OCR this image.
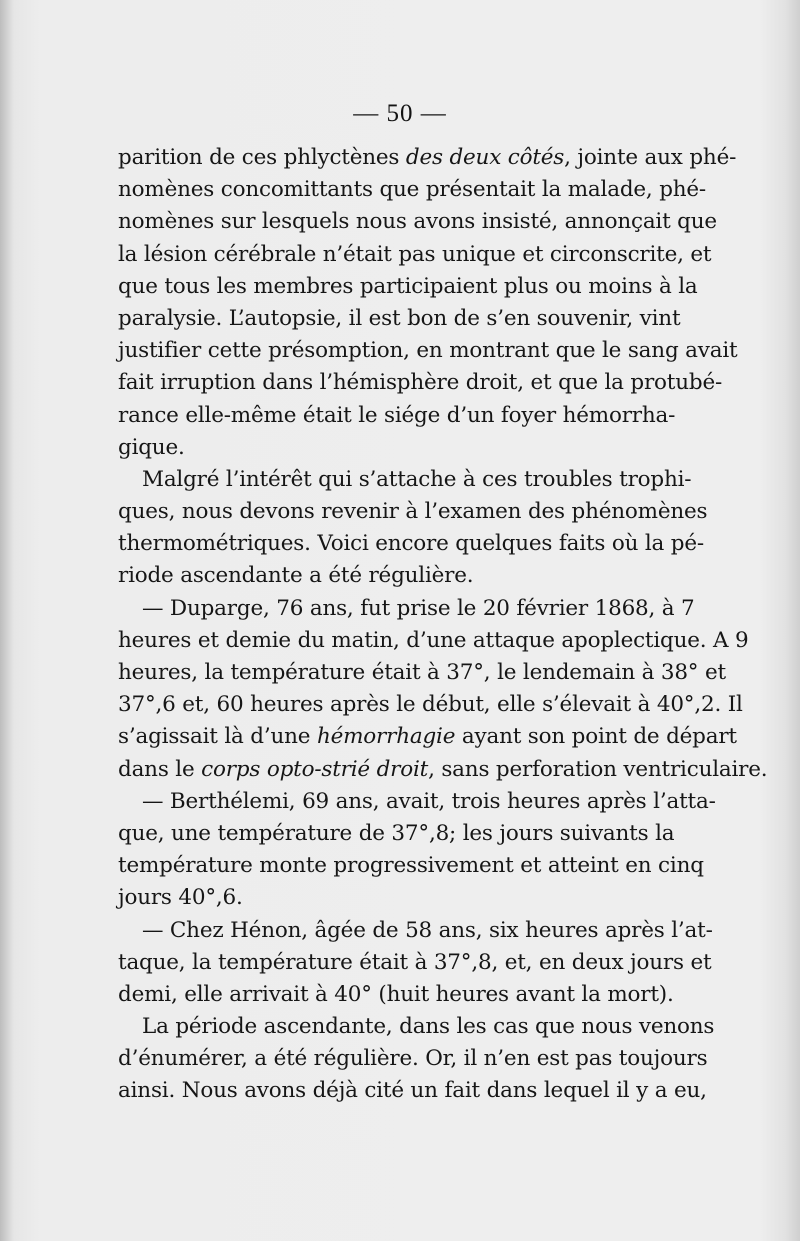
— 50 —
parition de ces phlyctènes des deux côtés, jointe aux phé-
nomènes concomittants que présentait la malade, phé-
nomènes sur lesquels nous avons insisté, annonçait que
la lésion cérébrale n’était pas unique et circonscrite, et
que tous les membres participaient plus ou moins à la
paralysie. L’autopsie, il est bon de s’en souvenir, vint
justifier cette présomption, en montrant que le sang avait
fait irruption dans l’hémisphère droit, et que la protubé-
rance elle-même était le siége d’un foyer hémorrha-
gique.
Malgré l’intérêt qui s’attache à ces troubles trophi-
ques, nous devons revenir à l’examen des phénomènes
thermométriques. Voici encore quelques faits où la pé-
riode ascendante a été régulière.
— Duparge, 76 ans, fut prise le 20 février 1868, à 7
heures et demie du matin, d’une attaque apoplectique. A 9
heures, la température était à 37°, le lendemain à 38° et
37°,6 et, 60 heures après le début, elle s’élevait à 40°,2. Il
s’agissait là d’une hémorrhagie ayant son point de départ
dans le corps opto-strié droit, sans perforation ventriculaire.
— Berthélemi, 69 ans, avait, trois heures après l’atta-
que, une température de 37°,8; les jours suivants la
température monte progressivement et atteint en cinq
jours 40°,6.
— Chez Hénon, âgée de 58 ans, six heures après l’at-
taque, la température était à 37°,8, et, en deux jours et
demi, elle arrivait à 40° (huit heures avant la mort).
La période ascendante, dans les cas que nous venons
d’énumérer, a été régulière. Or, il n’en est pas toujours
ainsi. Nous avons déjà cité un fait dans lequel il y a eu,
